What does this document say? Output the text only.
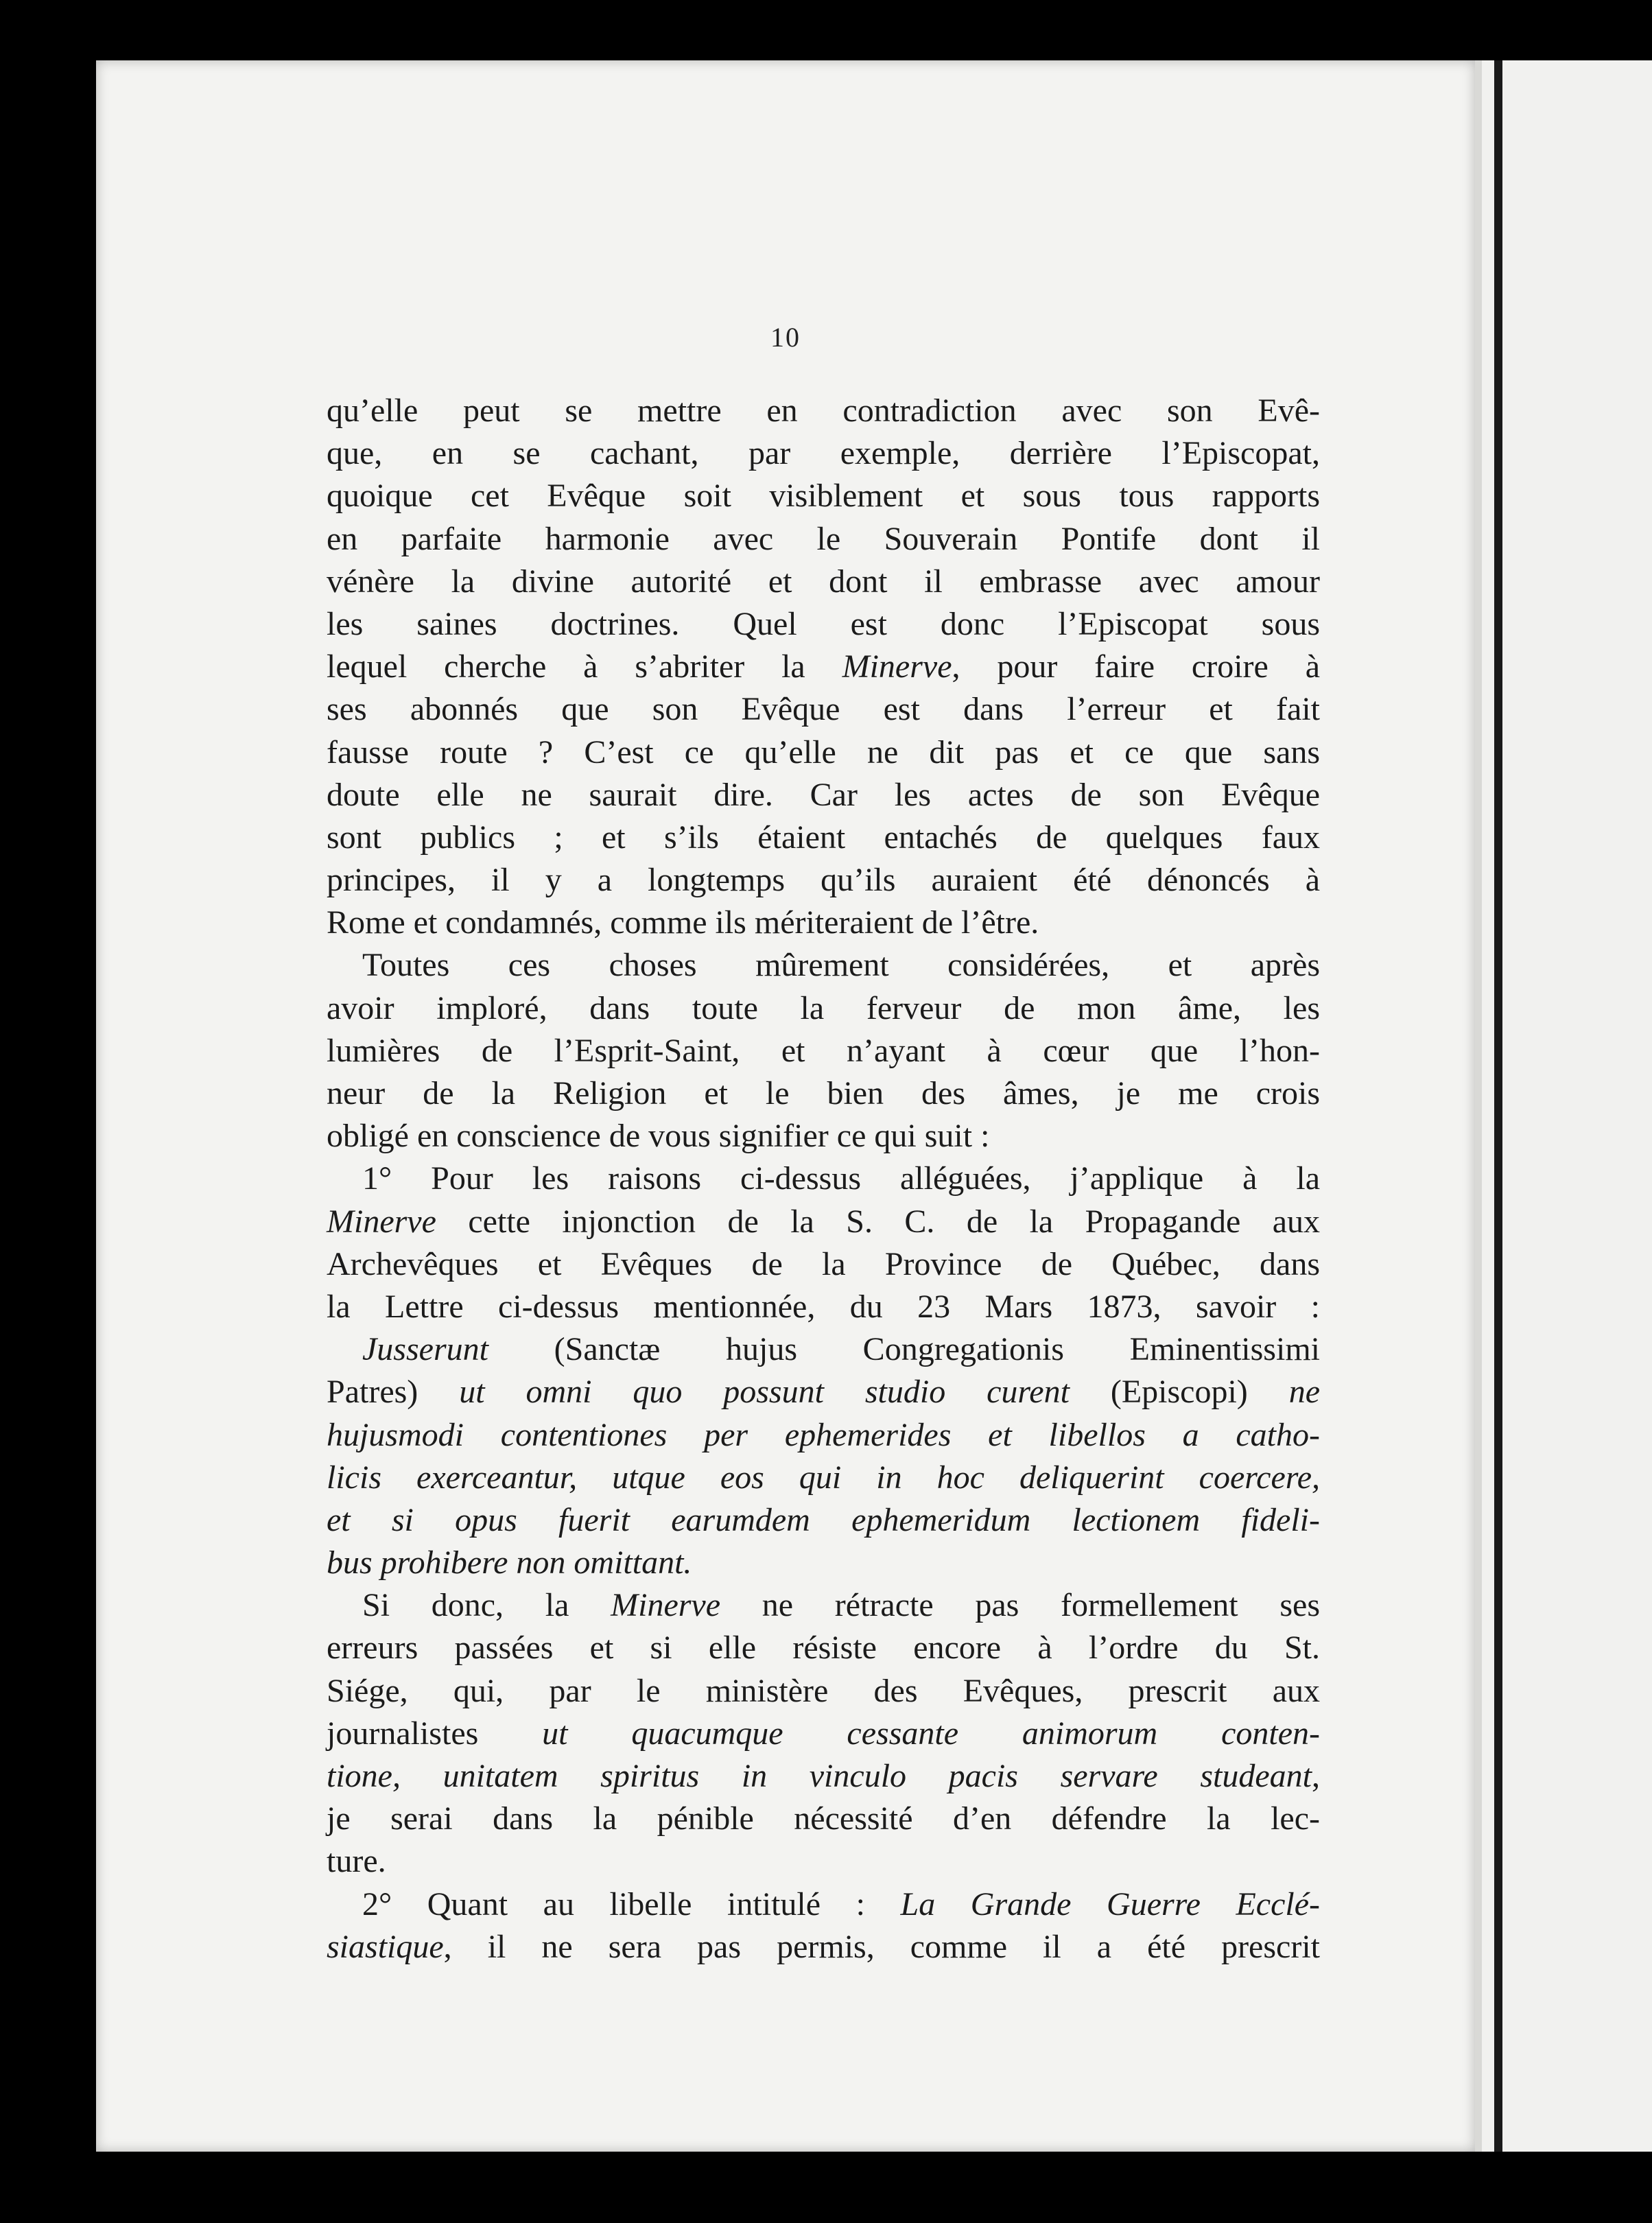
10
qu’elle peut se mettre en contradiction avec son Evê-
que, en se cachant, par exemple, derrière l’Episcopat,
quoique cet Evêque soit visiblement et sous tous rapports
en parfaite harmonie avec le Souverain Pontife dont il
vénère la divine autorité et dont il embrasse avec amour
les saines doctrines. Quel est donc l’Episcopat sous
lequel cherche à s’abriter la Minerve, pour faire croire à
ses abonnés que son Evêque est dans l’erreur et fait
fausse route ? C’est ce qu’elle ne dit pas et ce que sans
doute elle ne saurait dire. Car les actes de son Evêque
sont publics ; et s’ils étaient entachés de quelques faux
principes, il y a longtemps qu’ils auraient été dénoncés à
Rome et condamnés, comme ils mériteraient de l’être.
Toutes ces choses mûrement considérées, et après
avoir imploré, dans toute la ferveur de mon âme, les
lumières de l’Esprit-Saint, et n’ayant à cœur que l’hon-
neur de la Religion et le bien des âmes, je me crois
obligé en conscience de vous signifier ce qui suit :
1° Pour les raisons ci-dessus alléguées, j’applique à la
Minerve cette injonction de la S. C. de la Propagande aux
Archevêques et Evêques de la Province de Québec, dans
la Lettre ci-dessus mentionnée, du 23 Mars 1873, savoir :
Jusserunt (Sanctæ hujus Congregationis Eminentissimi
Patres) ut omni quo possunt studio curent (Episcopi) ne
hujusmodi contentiones per ephemerides et libellos a catho-
licis exerceantur, utque eos qui in hoc deliquerint coercere,
et si opus fuerit earumdem ephemeridum lectionem fideli-
bus prohibere non omittant.
Si donc, la Minerve ne rétracte pas formellement ses
erreurs passées et si elle résiste encore à l’ordre du St.
Siége, qui, par le ministère des Evêques, prescrit aux
journalistes ut quacumque cessante animorum conten-
tione, unitatem spiritus in vinculo pacis servare studeant,
je serai dans la pénible nécessité d’en défendre la lec-
ture.
2° Quant au libelle intitulé : La Grande Guerre Ecclé-
siastique, il ne sera pas permis, comme il a été prescrit
